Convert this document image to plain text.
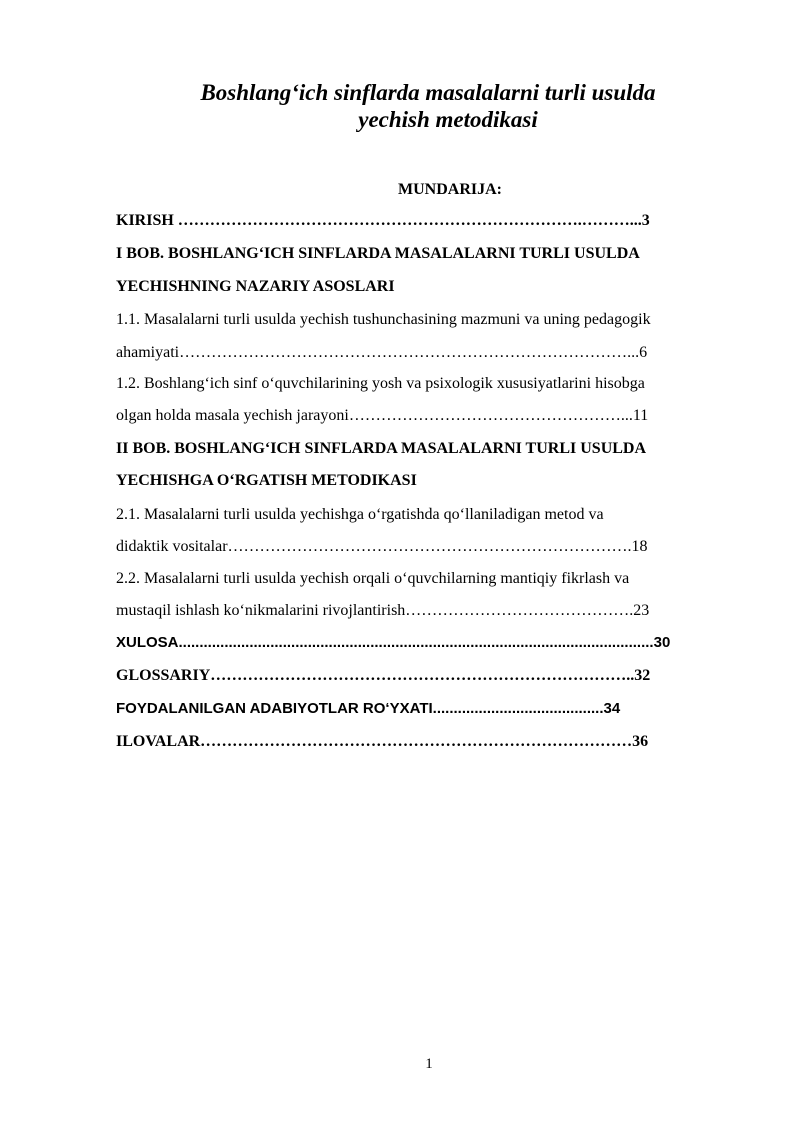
Boshlang‘ich sinflarda masalalarni turli usulda

yechish metodikasi

MUNDARIJA:

KIRISH ………………………………………………………………….………...3

I BOB. BOSHLANG‘ICH SINFLARDA MASALALARNI TURLI USULDA

YECHISHNING NAZARIY ASOSLARI

1.1. Masalalarni turli usulda yechish tushunchasining mazmuni va uning pedagogik

ahamiyati…………………………………………………………………………...6

1.2. Boshlang‘ich sinf o‘quvchilarining yosh va psixologik xususiyatlarini hisobga

olgan holda masala yechish jarayoni……………………………………………...11

II BOB. BOSHLANG‘ICH SINFLARDA MASALALARNI TURLI USULDA

YECHISHGA O‘RGATISH METODIKASI

2.1. Masalalarni turli usulda yechishga o‘rgatishda qo‘llaniladigan metod va

didaktik vositalar………………………………………………………………….18

2.2. Masalalarni turli usulda yechish orqali o‘quvchilarning mantiqiy fikrlash va

mustaqil ishlash ko‘nikmalarini rivojlantirish…………………………………….23

XULOSA..................................................................................................................30

GLOSSARIY……………………………………………………………………..32

FOYDALANILGAN ADABIYOTLAR RO‘YXATI.........................................34

ILOVALAR………………………………………………………………………36

1
